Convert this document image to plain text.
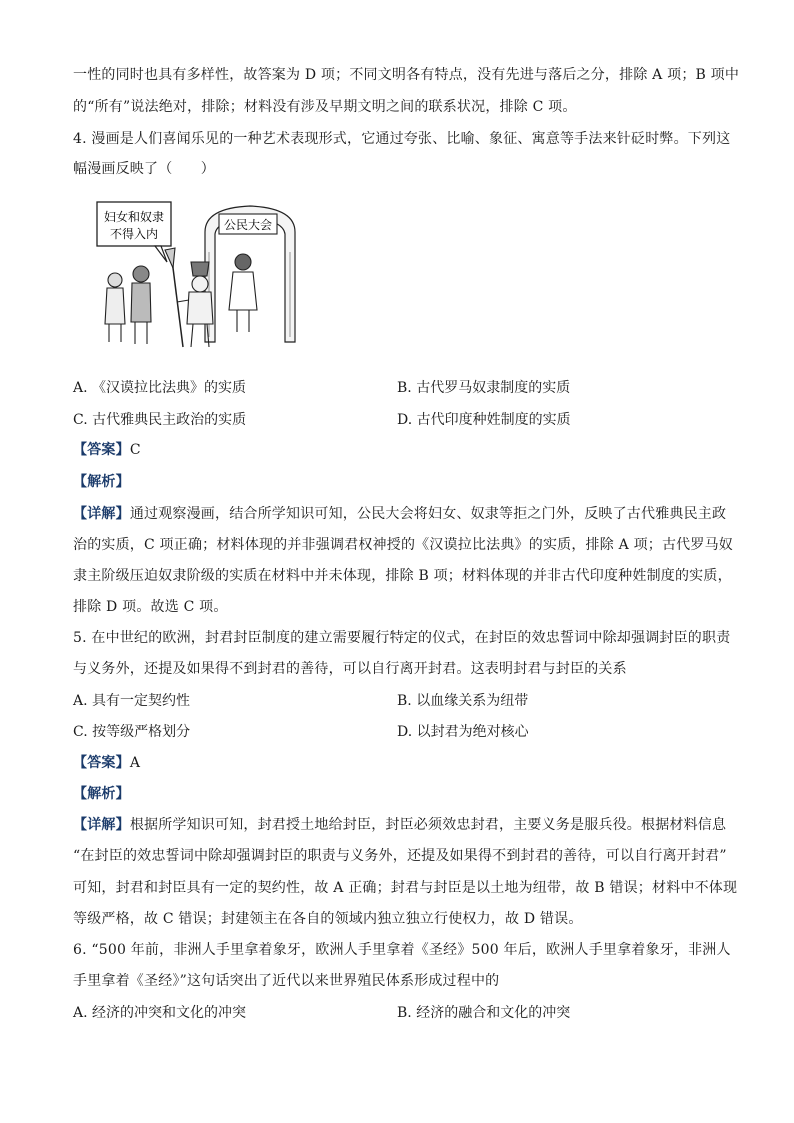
一性的同时也具有多样性，故答案为 D 项；不同文明各有特点，没有先进与落后之分，排除 A 项；B 项中
的“所有”说法绝对，排除；材料没有涉及早期文明之间的联系状况，排除 C 项。
4. 漫画是人们喜闻乐见的一种艺术表现形式，它通过夸张、比喻、象征、寓意等手法来针砭时弊。下列这
幅漫画反映了（　　）
妇女和奴隶
不得入内
公民大会
A. 《汉谟拉比法典》的实质	B. 古代罗马奴隶制度的实质
C. 古代雅典民主政治的实质	D. 古代印度种姓制度的实质
【答案】C
【解析】
【详解】通过观察漫画，结合所学知识可知，公民大会将妇女、奴隶等拒之门外，反映了古代雅典民主政
治的实质，C 项正确；材料体现的并非强调君权神授的《汉谟拉比法典》的实质，排除 A 项；古代罗马奴
隶主阶级压迫奴隶阶级的实质在材料中并未体现，排除 B 项；材料体现的并非古代印度种姓制度的实质，
排除 D 项。故选 C 项。
5. 在中世纪的欧洲，封君封臣制度的建立需要履行特定的仪式，在封臣的效忠誓词中除却强调封臣的职责
与义务外，还提及如果得不到封君的善待，可以自行离开封君。这表明封君与封臣的关系
A. 具有一定契约性	B. 以血缘关系为纽带
C. 按等级严格划分	D. 以封君为绝对核心
【答案】A
【解析】
【详解】根据所学知识可知，封君授土地给封臣，封臣必须效忠封君，主要义务是服兵役。根据材料信息
“在封臣的效忠誓词中除却强调封臣的职责与义务外，还提及如果得不到封君的善待，可以自行离开封君”
可知，封君和封臣具有一定的契约性，故 A 正确；封君与封臣是以土地为纽带，故 B 错误；材料中不体现
等级严格，故 C 错误；封建领主在各自的领域内独立独立行使权力，故 D 错误。
6. “500 年前，非洲人手里拿着象牙，欧洲人手里拿着《圣经》500 年后，欧洲人手里拿着象牙，非洲人
手里拿着《圣经》”这句话突出了近代以来世界殖民体系形成过程中的
A. 经济的冲突和文化的冲突	B. 经济的融合和文化的冲突
